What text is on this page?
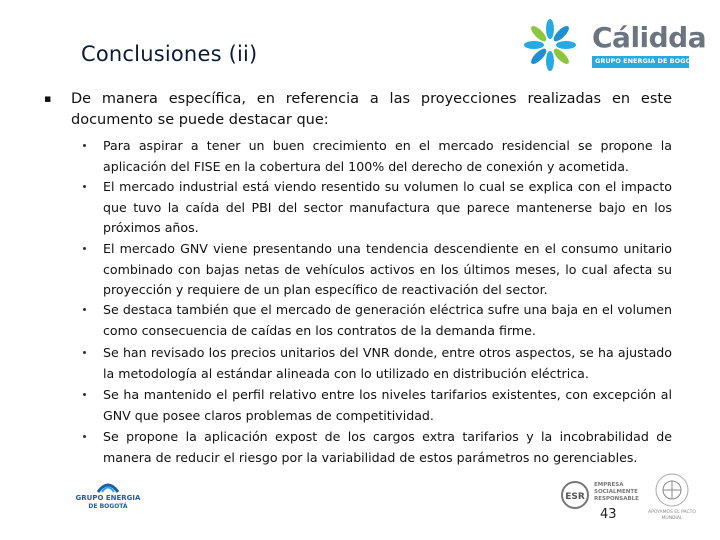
Conclusiones (ii)	Cálidda
GRUPO ENERGIA DE BOGOTÁ
▪ De manera específica, en referencia a las proyecciones realizadas en este documento se puede destacar que:
Para aspirar a tener un buen crecimiento en el mercado residencial se propone la aplicación del FISE en la cobertura del 100% del derecho de conexión y acometida.
El mercado industrial está viendo resentido su volumen lo cual se explica con el impacto que tuvo la caída del PBI del sector manufactura que parece mantenerse bajo en los próximos años.
El mercado GNV viene presentando una tendencia descendiente en el consumo unitario combinado con bajas netas de vehículos activos en los últimos meses, lo cual afecta su proyección y requiere de un plan específico de reactivación del sector.
Se destaca también que el mercado de generación eléctrica sufre una baja en el volumen como consecuencia de caídas en los contratos de la demanda firme.
Se han revisado los precios unitarios del VNR donde, entre otros aspectos, se ha ajustado la metodología al estándar alineada con lo utilizado en distribución eléctrica.
Se ha mantenido el perfil relativo entre los niveles tarifarios existentes, con excepción al GNV que posee claros problemas de competitividad.
Se propone la aplicación expost de los cargos extra tarifarios y la incobrabilidad de manera de reducir el riesgo por la variabilidad de estos parámetros no gerenciables.
GRUPO ENERGIA
DE BOGOTÁ
ESR
EMPRESA SOCIALMENTE RESPONSABLE
APOYAMOS EL PACTO MUNDIAL
43
